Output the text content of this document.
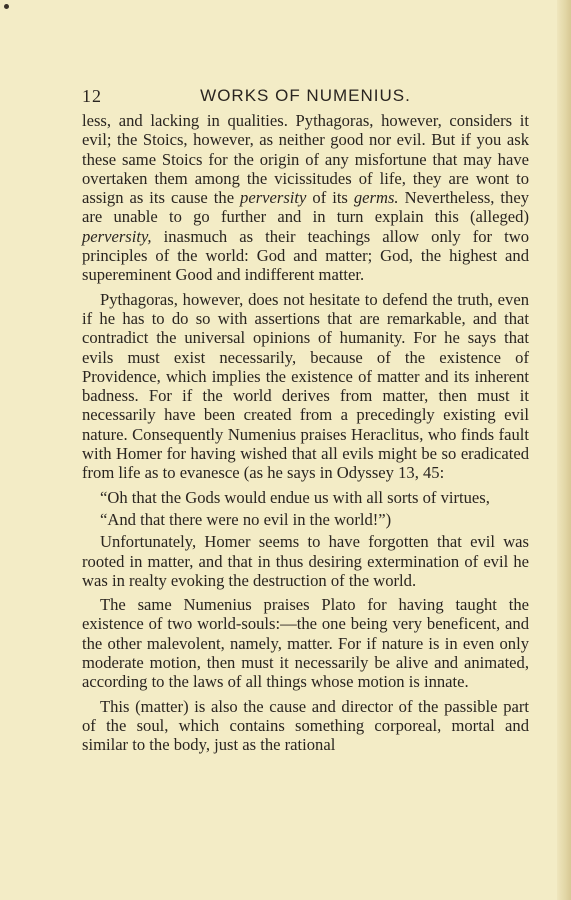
12	WORKS OF NUMENIUS.

less, and lacking in qualities. Pythagoras, however, considers it evil; the Stoics, however, as neither good nor evil. But if you ask these same Stoics for the origin of any misfortune that may have overtaken them among the vicissitudes of life, they are wont to assign as its cause the perversity of its germs. Nevertheless, they are unable to go further and in turn explain this (alleged) perversity, inasmuch as their teachings allow only for two principles of the world: God and matter; God, the highest and supereminent Good and indifferent matter.

Pythagoras, however, does not hesitate to defend the truth, even if he has to do so with assertions that are remarkable, and that contradict the universal opinions of humanity. For he says that evils must exist necessarily, because of the existence of Providence, which implies the existence of matter and its inherent badness. For if the world derives from matter, then must it necessarily have been created from a precedingly existing evil nature. Consequently Numenius praises Heraclitus, who finds fault with Homer for having wished that all evils might be so eradicated from life as to evanesce (as he says in Odyssey 13, 45:

“Oh that the Gods would endue us with all sorts of virtues,

“And that there were no evil in the world!”)

Unfortunately, Homer seems to have forgotten that evil was rooted in matter, and that in thus desiring extermination of evil he was in realty evoking the destruction of the world.

The same Numenius praises Plato for having taught the existence of two world-souls:—the one being very beneficent, and the other malevolent, namely, matter. For if nature is in even only moderate motion, then must it necessarily be alive and animated, according to the laws of all things whose motion is innate.

This (matter) is also the cause and director of the passible part of the soul, which contains something corporeal, mortal and similar to the body, just as the rational
